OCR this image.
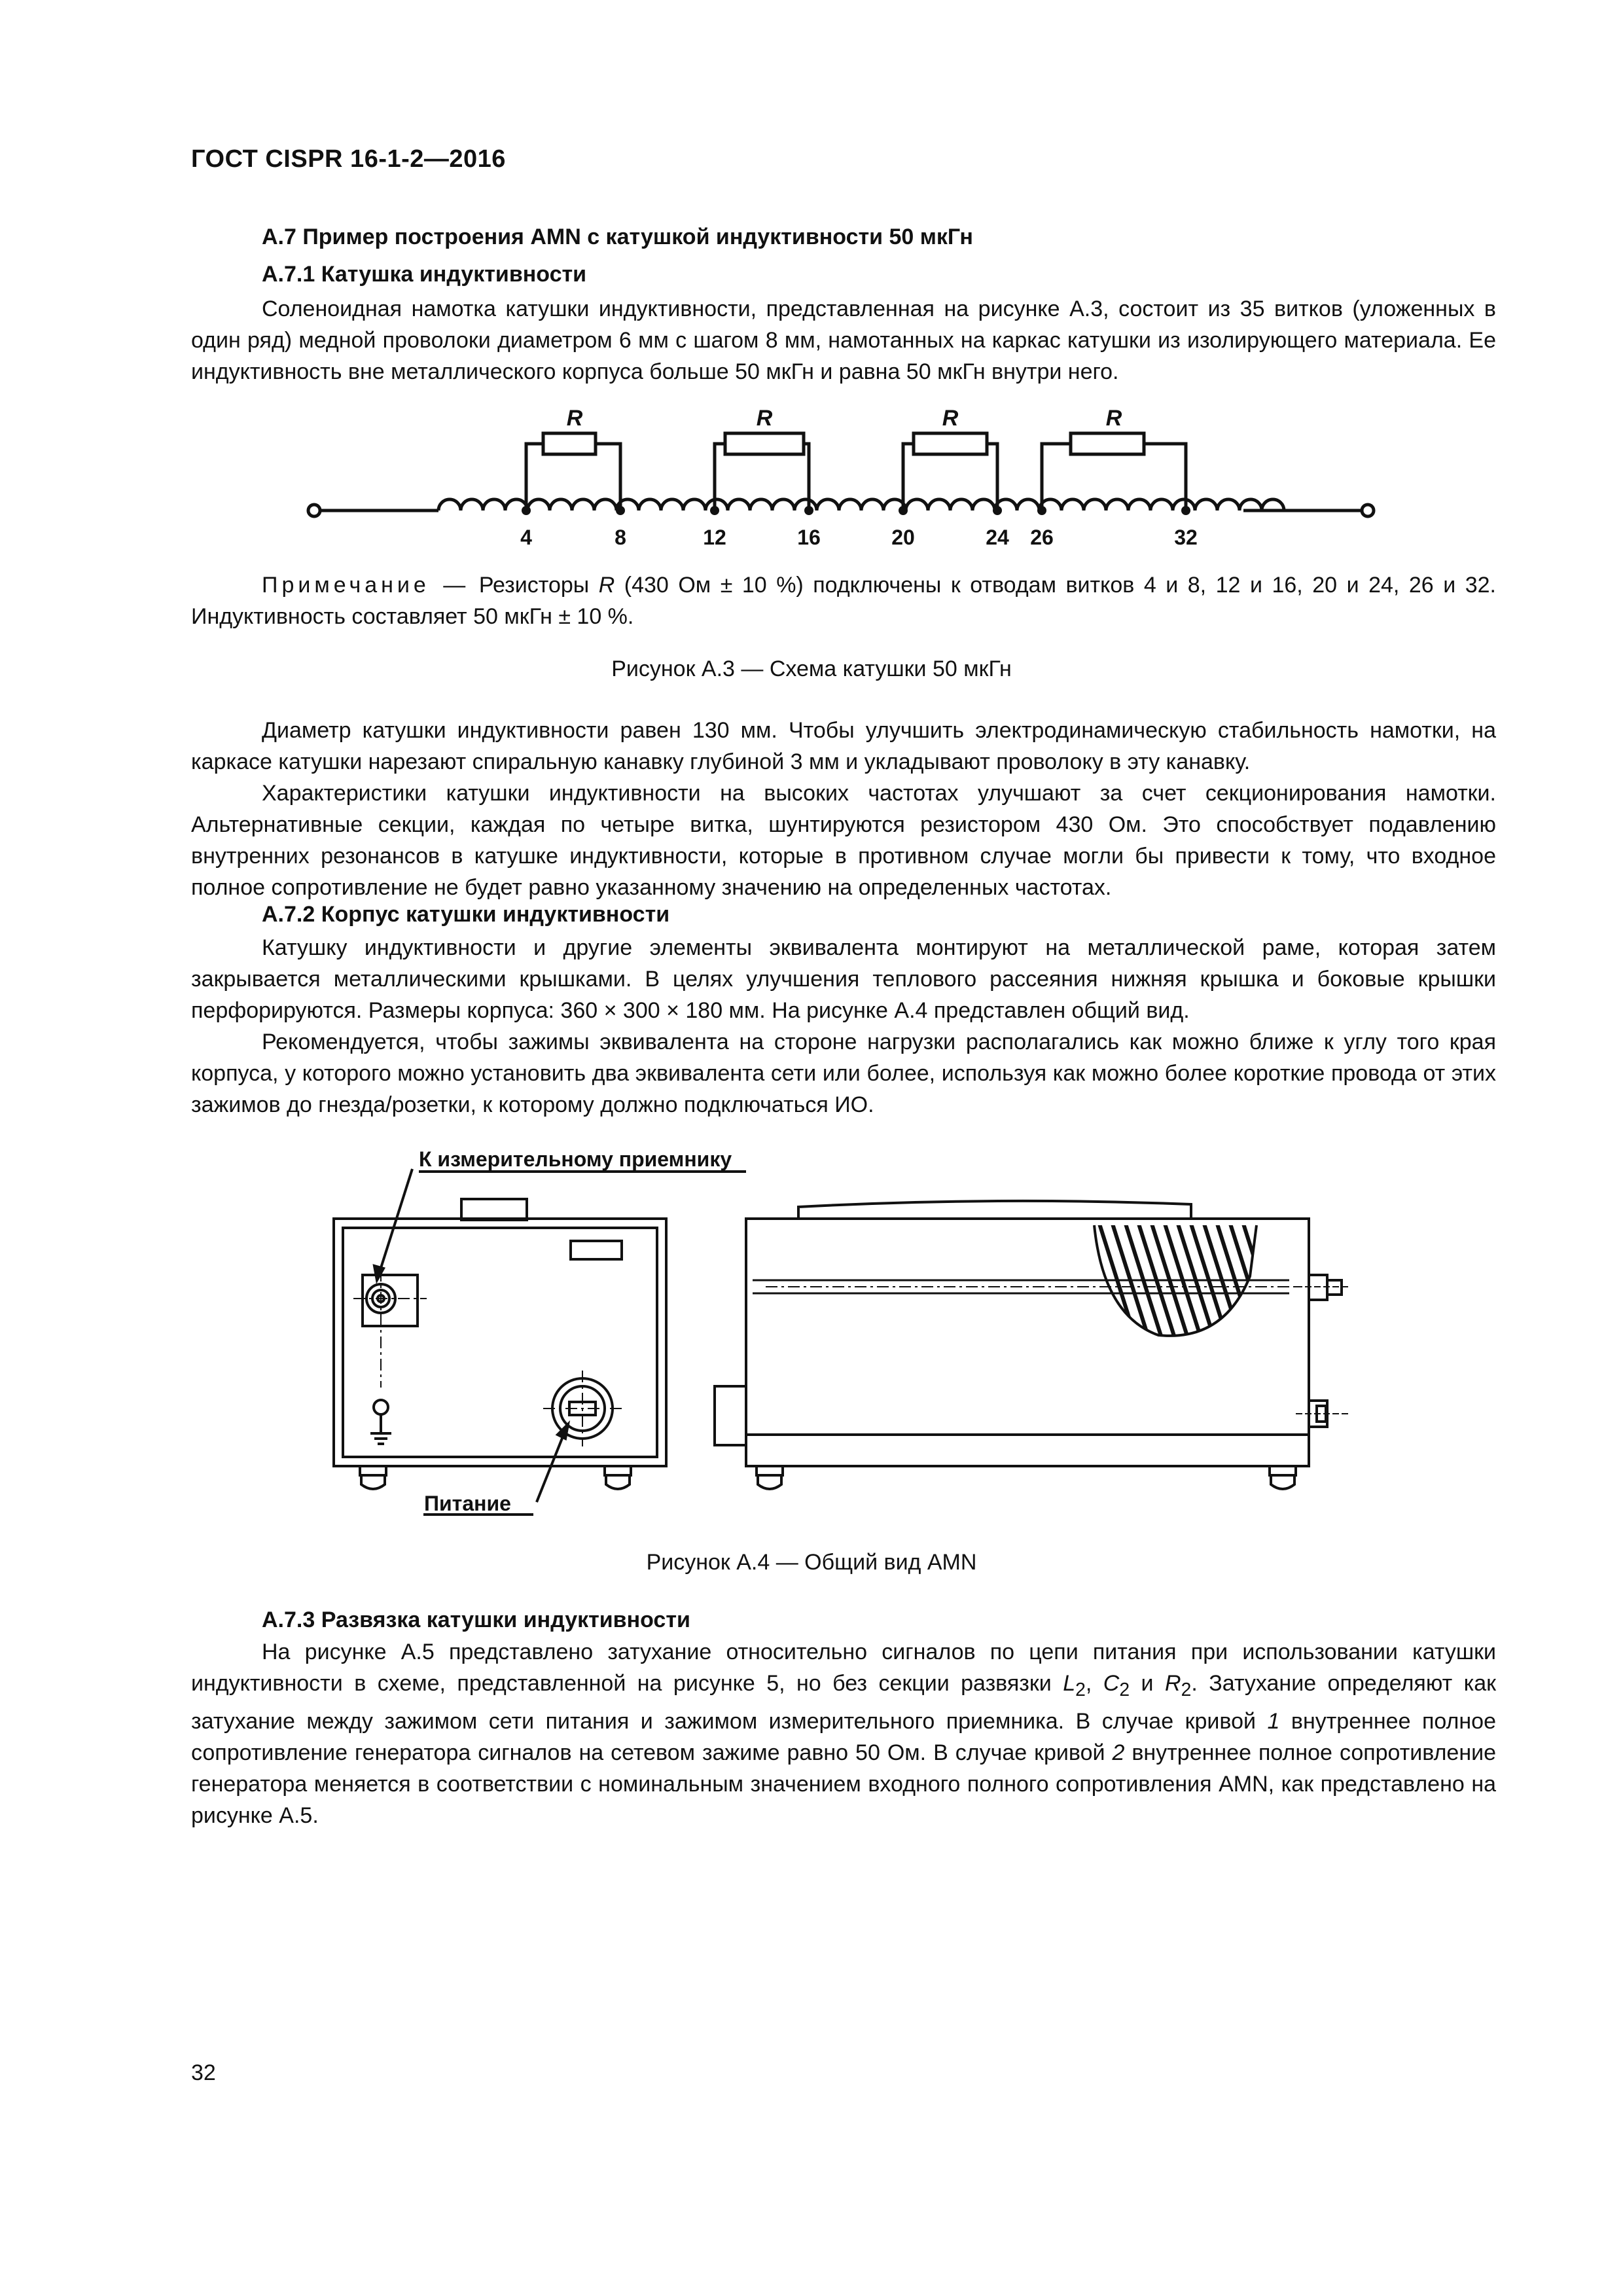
ГОСТ CISPR 16-1-2—2016
А.7 Пример построения AMN с катушкой индуктивности 50 мкГн
А.7.1 Катушка индуктивности
Соленоидная намотка катушки индуктивности, представленная на рисунке А.3, состоит из 35 витков (уложенных в один ряд) медной проволоки диаметром 6 мм с шагом 8 мм, намотанных на каркас катушки из изолирующего материала. Ее индуктивность вне металлического корпуса больше 50 мкГн и равна 50 мкГн внутри него.
R	R	R	R
4	8	12	16	20	24 26	32
Примечание — Резисторы R (430 Ом ± 10 %) подключены к отводам витков 4 и 8, 12 и 16, 20 и 24, 26 и 32. Индуктивность составляет 50 мкГн ± 10 %.
Рисунок А.3 — Схема катушки 50 мкГн
Диаметр катушки индуктивности равен 130 мм. Чтобы улучшить электродинамическую стабильность намотки, на каркасе катушки нарезают спиральную канавку глубиной 3 мм и укладывают проволоку в эту канавку.
Характеристики катушки индуктивности на высоких частотах улучшают за счет секционирования намотки. Альтернативные секции, каждая по четыре витка, шунтируются резистором 430 Ом. Это способствует подавлению внутренних резонансов в катушке индуктивности, которые в противном случае могли бы привести к тому, что входное полное сопротивление не будет равно указанному значению на определенных частотах.
А.7.2 Корпус катушки индуктивности
Катушку индуктивности и другие элементы эквивалента монтируют на металлической раме, которая затем закрывается металлическими крышками. В целях улучшения теплового рассеяния нижняя крышка и боковые крышки перфорируются. Размеры корпуса: 360 × 300 × 180 мм. На рисунке А.4 представлен общий вид.
Рекомендуется, чтобы зажимы эквивалента на стороне нагрузки располагались как можно ближе к углу того края корпуса, у которого можно установить два эквивалента сети или более, используя как можно более короткие провода от этих зажимов до гнезда/розетки, к которому должно подключаться ИО.
К измерительному приемнику
Питание
Рисунок А.4 — Общий вид AMN
А.7.3 Развязка катушки индуктивности
На рисунке А.5 представлено затухание относительно сигналов по цепи питания при использовании катушки индуктивности в схеме, представленной на рисунке 5, но без секции развязки $L_2$, $C_2$ и $R_2$. Затухание определяют как затухание между зажимом сети питания и зажимом измерительного приемника. В случае кривой 1 внутреннее полное сопротивление генератора сигналов на сетевом зажиме равно 50 Ом. В случае кривой 2 внутреннее полное сопротивление генератора меняется в соответствии с номинальным значением входного полного сопротивления AMN, как представлено на рисунке А.5.
32
